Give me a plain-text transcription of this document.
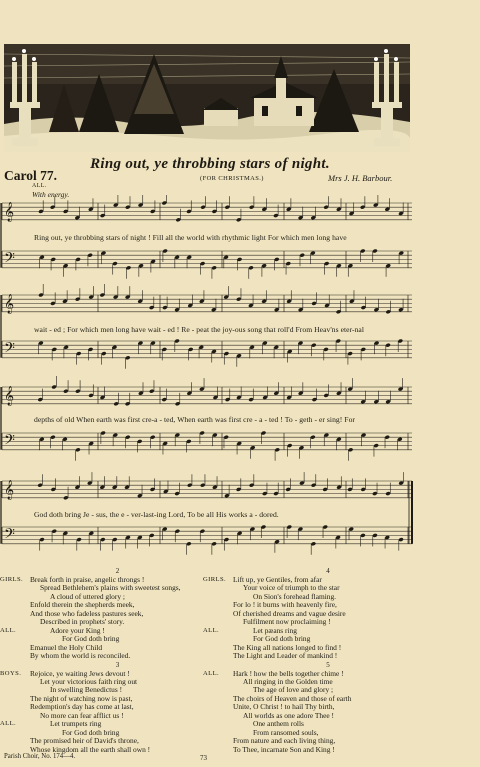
Carol 77.
Ring out, ye throbbing stars of night.
(FOR CHRISTMAS.)	Mrs J. H. Barbour.
ALL.
With energy.
𝄞
𝄢
𝄞
𝄢
𝄞
𝄢
𝄞
𝄢
Ring out, ye throbbing stars of night ! Fill all the world with rhythmic light For which men long have
wait - ed ; For which men long have wait - ed ! Re - peat the joy-ous song that roll'd From Heav'ns eter-nal
depths of old When earth was first cre-a - ted, When earth was first cre - a - ted ! To - geth - er sing! For
God doth bring Je - sus, the e - ver-last-ing Lord, To be all His works a - dored.
2
GIRLS. Break forth in praise, angelic throngs !
Spread Bethlehem's plains with sweetest songs,
A cloud of uttered glory ;
Enfold therein the shepherds meek,
And those who fadeless pastures seek,
Described in prophets' story.
ALL.	Adore your King !
For God doth bring
Emanuel the Holy Child
By whom the world is reconciled.
3
BOYS. Rejoice, ye waiting Jews devout !
Let your victorious faith ring out
In swelling Benedictus !
The night of watching now is past,
Redemption's day has come at last,
No more can fear afflict us !
ALL.	Let trumpets ring
For God doth bring
The promised heir of David's throne,
Whose kingdom all the earth shall own !
4
GIRLS. Lift up, ye Gentiles, from afar
Your voice of triumph to the star
On Sion's forehead flaming.
For lo ! it burns with heavenly fire,
Of cherished dreams and vague desire
Fulfilment now proclaiming !
ALL.	Let pæans ring
For God doth bring
The King all nations longed to find !
The Light and Leader of mankind !
5
ALL. Hark ! how the bells together chime !
All ringing in the Golden time
The age of love and glory ;
The choirs of Heaven and those of earth
Unite, O Christ ! to hail Thy birth,
All worlds as one adore Thee !
One anthem rolls
From ransomed souls,
From nature and each living thing,
To Thee, incarnate Son and King !
Parish Choir, No. 174—4.	73
